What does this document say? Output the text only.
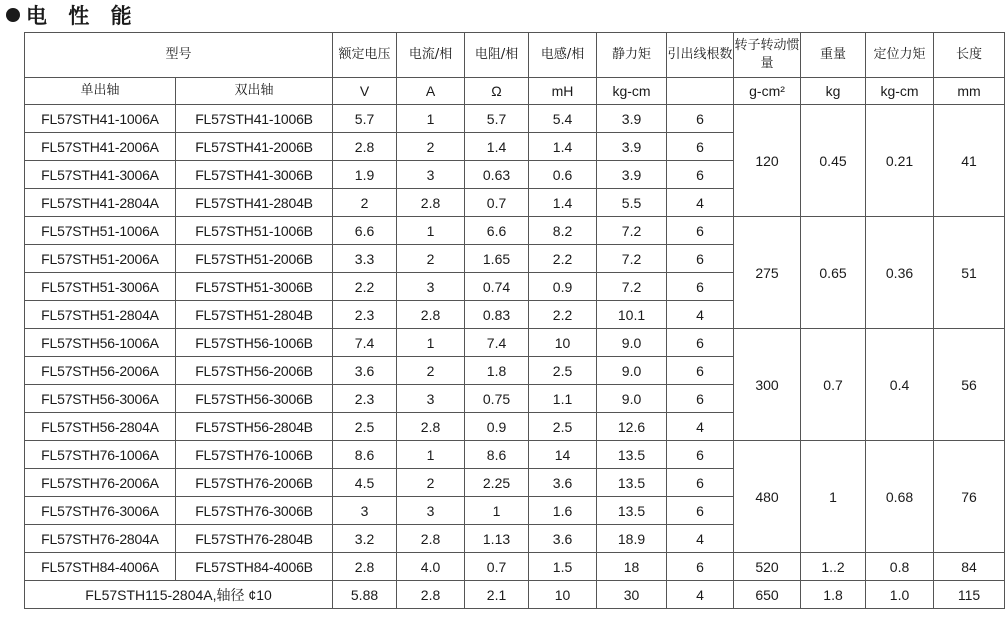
电 性 能
型号		额定电压	电流/相	电阻/相	电感/相	静力矩	引出线根数	转子转动惯量	重量	定位力矩	长度
单出轴	双出轴	V	A	Ω	mH	kg-cm		g-cm²	kg	kg-cm	mm
FL57STH41-1006A	FL57STH41-1006B	5.7	1	5.7	5.4	3.9	6	120	0.45	0.21	41
FL57STH41-2006A	FL57STH41-2006B	2.8	2	1.4	1.4	3.9	6				
FL57STH41-3006A	FL57STH41-3006B	1.9	3	0.63	0.6	3.9	6				
FL57STH41-2804A	FL57STH41-2804B	2	2.8	0.7	1.4	5.5	4				
FL57STH51-1006A	FL57STH51-1006B	6.6	1	6.6	8.2	7.2	6	275	0.65	0.36	51
FL57STH51-2006A	FL57STH51-2006B	3.3	2	1.65	2.2	7.2	6				
FL57STH51-3006A	FL57STH51-3006B	2.2	3	0.74	0.9	7.2	6				
FL57STH51-2804A	FL57STH51-2804B	2.3	2.8	0.83	2.2	10.1	4				
FL57STH56-1006A	FL57STH56-1006B	7.4	1	7.4	10	9.0	6	300	0.7	0.4	56
FL57STH56-2006A	FL57STH56-2006B	3.6	2	1.8	2.5	9.0	6				
FL57STH56-3006A	FL57STH56-3006B	2.3	3	0.75	1.1	9.0	6				
FL57STH56-2804A	FL57STH56-2804B	2.5	2.8	0.9	2.5	12.6	4				
FL57STH76-1006A	FL57STH76-1006B	8.6	1	8.6	14	13.5	6	480	1	0.68	76
FL57STH76-2006A	FL57STH76-2006B	4.5	2	2.25	3.6	13.5	6				
FL57STH76-3006A	FL57STH76-3006B	3	3	1	1.6	13.5	6				
FL57STH76-2804A	FL57STH76-2804B	3.2	2.8	1.13	3.6	18.9	4				
FL57STH84-4006A	FL57STH84-4006B	2.8	4.0	0.7	1.5	18	6	520	1..2	0.8	84
FL57STH115-2804A,轴径 ¢10		5.88	2.8	2.1	10	30	4	650	1.8	1.0	115
